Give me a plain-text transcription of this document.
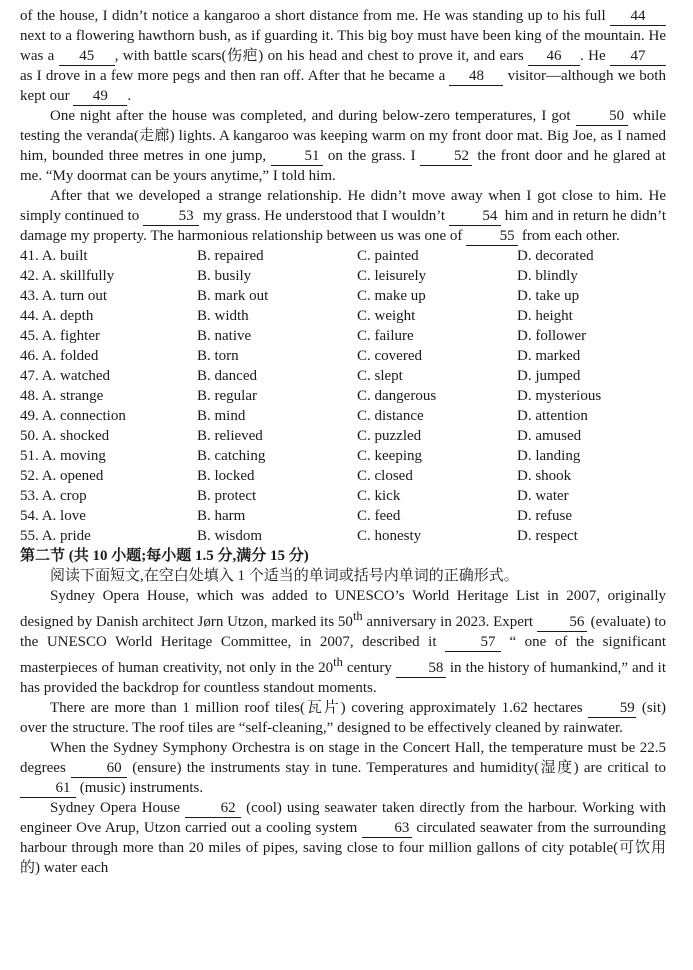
of the house, I didn’t notice a kangaroo a short distance from me. He was standing up to his full 44 next to a flowering hawthorn bush, as if guarding it. This big boy must have been king of the mountain. He was a 45 , with battle scars(伤疤) on his head and chest to prove it, and ears 46 . He 47 as I drove in a few more pegs and then ran off. After that he became a 48 visitor—although we both kept our 49 .

One night after the house was completed, and during below-zero temperatures, I got 50 while testing the veranda(走廊) lights. A kangaroo was keeping warm on my front door mat. Big Joe, as I named him, bounded three metres in one jump, 51 on the grass. I 52 the front door and he glared at me. “My doormat can be yours anytime,” I told him.

After that we developed a strange relationship. He didn’t move away when I got close to him. He simply continued to 53 my grass. He understood that I wouldn’t 54 him and in return he didn’t damage my property. The harmonious relationship between us was one of 55 from each other.

41. A. built	B. repaired	C. painted	D. decorated
42. A. skillfully	B. busily	C. leisurely	D. blindly
43. A. turn out	B. mark out	C. make up	D. take up
44. A. depth	B. width	C. weight	D. height
45. A. fighter	B. native	C. failure	D. follower
46. A. folded	B. torn	C. covered	D. marked
47. A. watched	B. danced	C. slept	D. jumped
48. A. strange	B. regular	C. dangerous	D. mysterious
49. A. connection	B. mind	C. distance	D. attention
50. A. shocked	B. relieved	C. puzzled	D. amused
51. A. moving	B. catching	C. keeping	D. landing
52. A. opened	B. locked	C. closed	D. shook
53. A. crop	B. protect	C. kick	D. water
54. A. love	B. harm	C. feed	D. refuse
55. A. pride	B. wisdom	C. honesty	D. respect

第二节 (共 10 小题;每小题 1.5 分,满分 15 分)

阅读下面短文,在空白处填入 1 个适当的单词或括号内单词的正确形式。

Sydney Opera House, which was added to UNESCO’s World Heritage List in 2007, originally designed by Danish architect Jørn Utzon, marked its 50th anniversary in 2023. Expert 56 (evaluate) to the UNESCO World Heritage Committee, in 2007, described it 57 “ one of the significant masterpieces of human creativity, not only in the 20th century 58 in the history of humankind,” and it has provided the backdrop for countless standout moments.

There are more than 1 million roof tiles(瓦片) covering approximately 1.62 hectares 59 (sit) over the structure. The roof tiles are “self-cleaning,” designed to be effectively cleaned by rainwater.

When the Sydney Symphony Orchestra is on stage in the Concert Hall, the temperature must be 22.5 degrees 60 (ensure) the instruments stay in tune. Temperatures and humidity(湿度) are critical to 61 (music) instruments.

Sydney Opera House 62 (cool) using seawater taken directly from the harbour. Working with engineer Ove Arup, Utzon carried out a cooling system 63 circulated seawater from the surrounding harbour through more than 20 miles of pipes, saving close to four million gallons of city potable(可饮用的) water each
